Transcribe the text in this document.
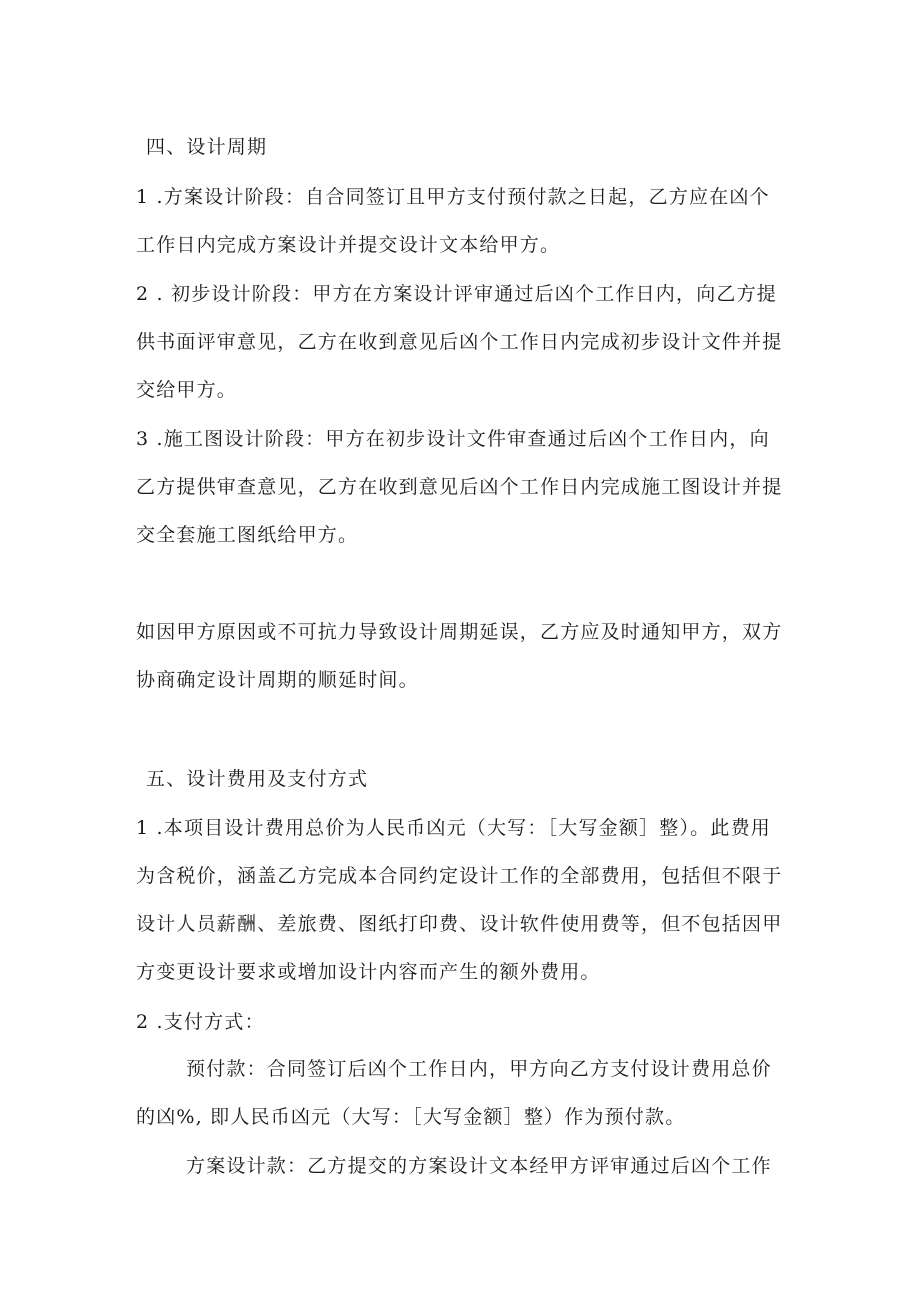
四、设计周期
1 .方案设计阶段：自合同签订且甲方支付预付款之日起，乙方应在凶个
工作日内完成方案设计并提交设计文本给甲方。
2 . 初步设计阶段：甲方在方案设计评审通过后凶个工作日内，向乙方提
供书面评审意见，乙方在收到意见后凶个工作日内完成初步设计文件并提
交给甲方。
3 .施工图设计阶段：甲方在初步设计文件审查通过后凶个工作日内，向
乙方提供审查意见，乙方在收到意见后凶个工作日内完成施工图设计并提
交全套施工图纸给甲方。
如因甲方原因或不可抗力导致设计周期延误，乙方应及时通知甲方，双方
协商确定设计周期的顺延时间。
五、设计费用及支付方式
1 .本项目设计费用总价为人民币凶元（大写：［大写金额］整）。此费用
为含税价，涵盖乙方完成本合同约定设计工作的全部费用，包括但不限于
设计人员薪酬、差旅费、图纸打印费、设计软件使用费等，但不包括因甲
方变更设计要求或增加设计内容而产生的额外费用。
2 .支付方式：
预付款：合同签订后凶个工作日内，甲方向乙方支付设计费用总价
的凶%, 即人民币凶元（大写：［大写金额］整）作为预付款。
方案设计款：乙方提交的方案设计文本经甲方评审通过后凶个工作
